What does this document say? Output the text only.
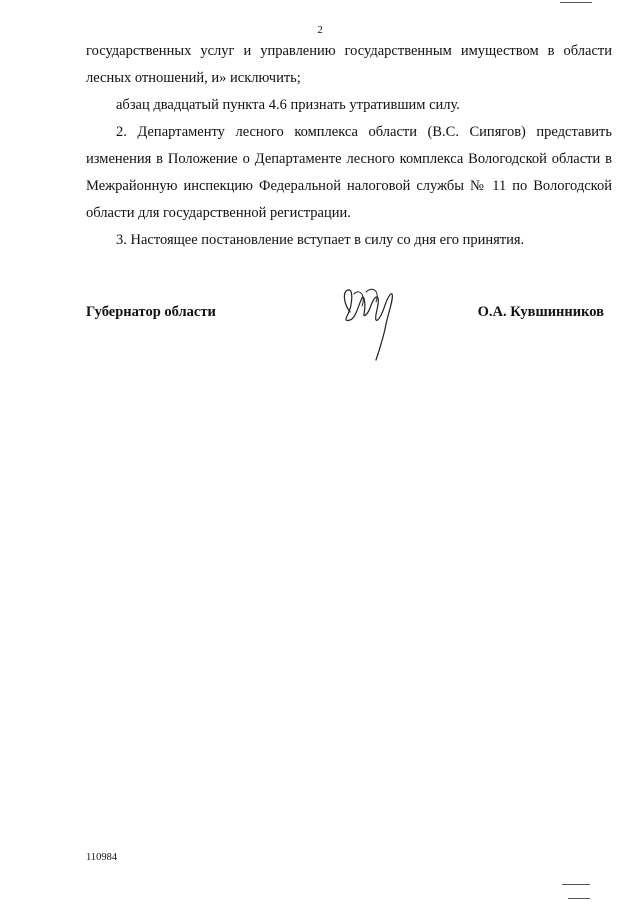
2

государственных услуг и управлению государственным имуществом в области лесных отношений, и» исключить;

абзац двадцатый пункта 4.6 признать утратившим силу.

2. Департаменту лесного комплекса области (В.С. Сипягов) представить изменения в Положение о Департаменте лесного комплекса Вологодской области в Межрайонную инспекцию Федеральной налоговой службы № 11 по Вологодской области для государственной регистрации.

3. Настоящее постановление вступает в силу со дня его принятия.

Губернатор области	О.А. Кувшинников
110984
